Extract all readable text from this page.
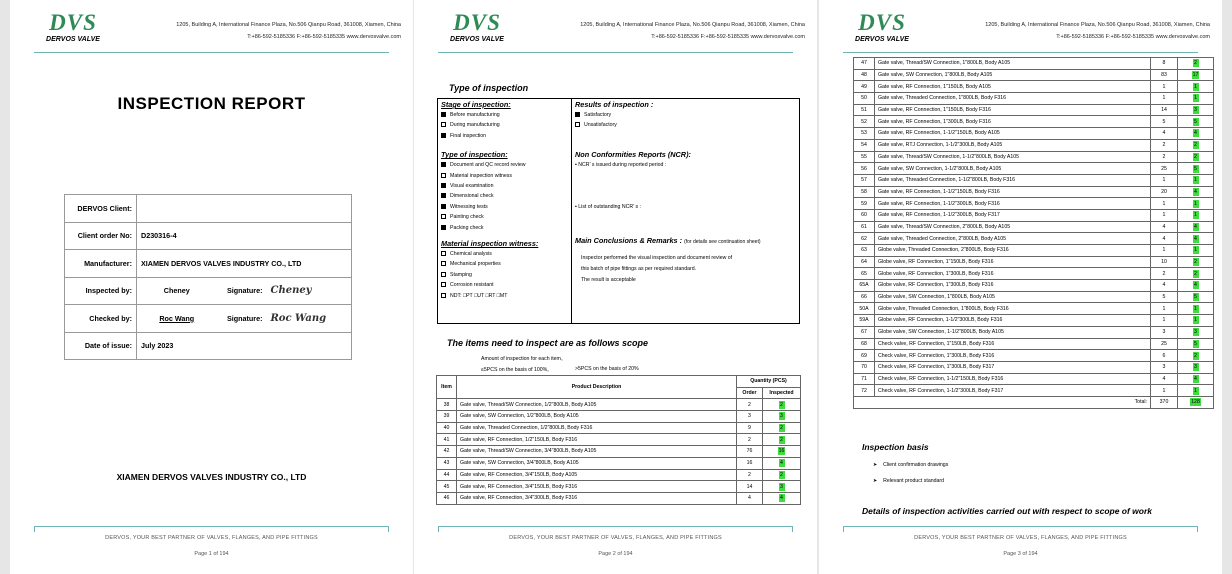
DVS
DERVOS VALVE
1205, Building A, International Finance Plaza, No.506 Qianpu Road, 361008, Xiamen, China
T:+86-592-5185336 F:+86-592-5185335 www.dervosvalve.com
INSPECTION REPORT
DERVOS Client:			
Client order No:	D230316-4		
Manufacturer:	XIAMEN DERVOS VALVES INDUSTRY CO., LTD		
Inspected by:	Cheney	Signature:	Cheney
Checked by:	Roc Wang	Signature:	Roc Wang
Date of issue:	July 2023		
XIAMEN DERVOS VALVES INDUSTRY CO., LTD
DERVOS, YOUR BEST PARTNER OF VALVES, FLANGES, AND PIPE FITTINGS
Page 1 of 194
DVS
DERVOS VALVE
1205, Building A, International Finance Plaza, No.506 Qianpu Road, 361008, Xiamen, China
T:+86-592-5185336 F:+86-592-5185335 www.dervosvalve.com
Type of inspection
Stage of inspection:
Before manufacturing
During manufacturing
Final inspection
Type of inspection:
Document and QC record review
Material inspection witness
Visual examination
Dimensional check
Witnessing tests
Painting check
Packing check
Material inspection witness:
Chemical analysis
Mechanical properties
Stamping
Corrosion resistant
NDT: □PT □UT □RT □MT
Results of inspection :
Satisfactory
Unsatisfactory
Non Conformities Reports (NCR):
▪ NCR’ s issued during reported period :
▪ List of outstanding NCR’ s :
Main Conclusions & Remarks : (for details see continuation sheet)
Inspector performed the visual inspection and document review of
this batch of pipe fittings as per required standard.
The result is acceptable
The items need to inspect are as follows scope
Amount of inspection for each item。
≤5PCS on the basis of 100%。	>5PCS on the basis of 20%
Item	Product Description	Quantity (PCS)	
		Order	Inspected
38	Gate valve, Thread/SW Connection, 1/2"800LB, Body A105	2	2
39	Gate valve, SW Connection, 1/2"800LB, Body A105	3	3
40	Gate valve, Threaded Connection, 1/2"800LB, Body F316	9	2
41	Gate valve, RF Connection, 1/2"150LB, Body F316	2	2
42	Gate valve, Thread/SW Connection, 3/4"800LB, Body A105	76	16
43	Gate valve, SW Connection, 3/4"800LB, Body A105	16	4
44	Gate valve, RF Connection, 3/4"150LB, Body A105	2	2
45	Gate valve, RF Connection, 3/4"150LB, Body F316	14	3
46	Gate valve, RF Connection, 3/4"300LB, Body F316	4	4
DERVOS, YOUR BEST PARTNER OF VALVES, FLANGES, AND PIPE FITTINGS
Page 2 of 194
DVS
DERVOS VALVE
1205, Building A, International Finance Plaza, No.506 Qianpu Road, 361008, Xiamen, China
T:+86-592-5185336 F:+86-592-5185335 www.dervosvalve.com
47	Gate valve, Thread/SW Connection, 1"800LB, Body A105	8	2
48	Gate valve, SW Connection, 1"800LB, Body A105	83	17
49	Gate valve, RF Connection, 1"150LB, Body A105	1	1
50	Gate valve, Threaded Connection, 1"800LB, Body F316	1	1
51	Gate valve, RF Connection, 1"150LB, Body F316	14	3
52	Gate valve, RF Connection, 1"300LB, Body F316	5	5
53	Gate valve, RF Connection, 1-1/2"150LB, Body A105	4	4
54	Gate valve, RTJ Connection, 1-1/2"300LB, Body A105	2	2
55	Gate valve, Thread/SW Connection, 1-1/2"800LB, Body A105	2	2
56	Gate valve, SW Connection, 1-1/2"800LB, Body A105	25	5
57	Gate valve, Threaded Connection, 1-1/2"800LB, Body F316	1	1
58	Gate valve, RF Connection, 1-1/2"150LB, Body F316	20	4
59	Gate valve, RF Connection, 1-1/2"300LB, Body F316	1	1
60	Gate valve, RF Connection, 1-1/2"300LB, Body F317	1	1
61	Gate valve, Thread/SW Connection, 2"800LB, Body A105	4	4
62	Gate valve, Threaded Connection, 2"800LB, Body A105	4	4
63	Globe valve, Threaded Connection, 2"800LB, Body F316	1	1
64	Globe valve, RF Connection, 1"150LB, Body F316	10	2
65	Globe valve, RF Connection, 1"300LB, Body F316	2	2
65A	Globe valve, RF Connection, 1"300LB, Body F316	4	4
66	Globe valve, SW Connection, 1"800LB, Body A105	5	5
50A	Globe valve, Threaded Connection, 1"800LB, Body F316	1	1
59A	Globe valve, RF Connection, 1-1/2"300LB, Body F316	1	1
67	Globe valve, SW Connection, 1-1/2"800LB, Body A105	3	3
68	Check valve, RF Connection, 1"150LB, Body F316	25	5
69	Check valve, RF Connection, 1"300LB, Body F316	6	2
70	Check valve, RF Connection, 1"300LB, Body F317	3	3
71	Check valve, RF Connection, 1-1/2"150LB, Body F316	4	4
72	Check valve, RF Connection, 1-1/2"300LB, Body F317	1	1
	Total:	370	128
Inspection basis
➤    Client confirmation drawings
➤    Relevant product standard
Details of inspection activities carried out with respect to scope of work
DERVOS, YOUR BEST PARTNER OF VALVES, FLANGES, AND PIPE FITTINGS
Page 3 of 194
